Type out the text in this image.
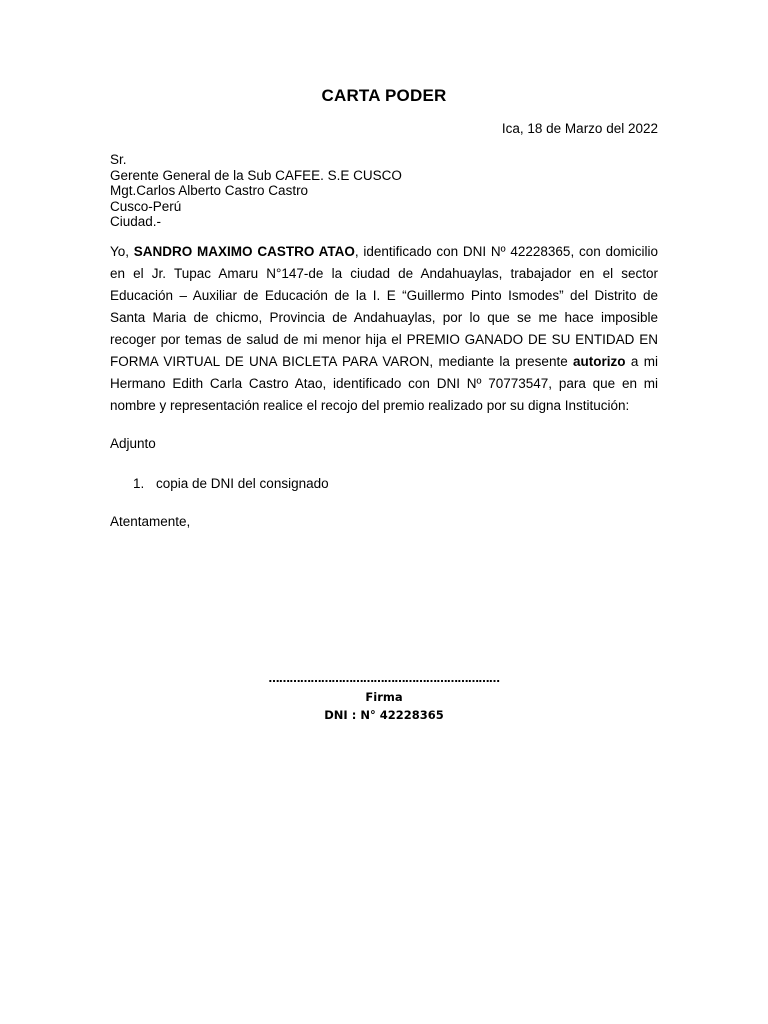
CARTA PODER
Ica, 18 de Marzo del 2022
Sr.
Gerente General de la Sub CAFEE. S.E CUSCO
Mgt.Carlos Alberto Castro Castro
Cusco-Perú
Ciudad.-
Yo, SANDRO MAXIMO CASTRO ATAO, identificado con DNI Nº 42228365, con domicilio en el Jr. Tupac Amaru N°147-de la ciudad de Andahuaylas, trabajador en el sector Educación – Auxiliar de Educación de la I. E “Guillermo Pinto Ismodes” del Distrito de Santa Maria de chicmo, Provincia de Andahuaylas, por lo que se me hace imposible recoger por temas de salud de mi menor hija el PREMIO GANADO DE SU ENTIDAD EN FORMA VIRTUAL DE UNA BICLETA PARA VARON, mediante la presente autorizo a mi Hermano Edith Carla Castro Atao, identificado con DNI Nº 70773547, para que en mi nombre y representación realice el recojo del premio realizado por su digna Institución:
Adjunto
1. copia de DNI del consignado
Atentamente,
…………………………………………………………
Firma
DNI : N° 42228365
